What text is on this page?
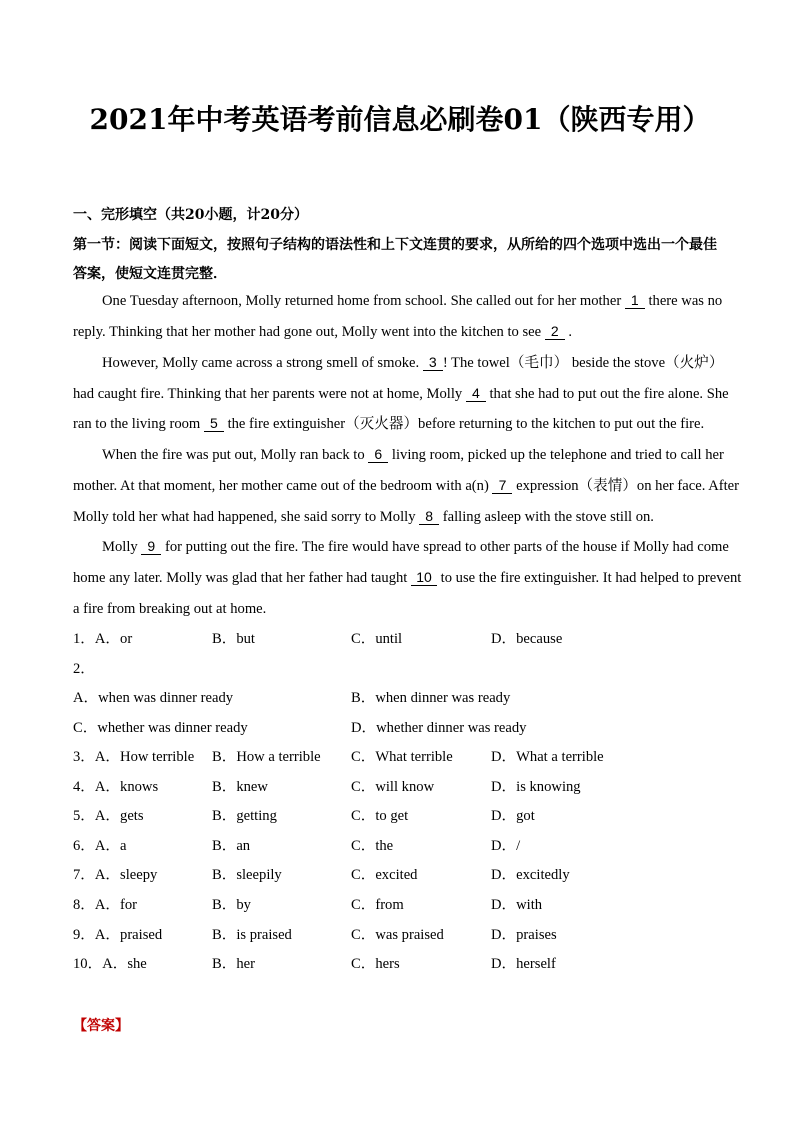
2021年中考英语考前信息必刷卷01（陕西专用）
一、完形填空（共20小题，计20分）
第一节：阅读下面短文，按照句子结构的语法性和上下文连贯的要求，从所给的四个选项中选出一个最佳
答案，使短文连贯完整．
One Tuesday afternoon, Molly returned home from school. She called out for her mother 1 there was no
reply. Thinking that her mother had gone out, Molly went into the kitchen to see 2 .
However, Molly came across a strong smell of smoke. 3 ! The towel（毛巾） beside the stove（火炉）
had caught fire. Thinking that her parents were not at home, Molly 4 that she had to put out the fire alone. She
ran to the living room 5 the fire extinguisher（灭火器）before returning to the kitchen to put out the fire.
When the fire was put out, Molly ran back to 6 living room, picked up the telephone and tried to call her
mother. At that moment, her mother came out of the bedroom with a(n) 7 expression（表情）on her face. After
Molly told her what had happened, she said sorry to Molly 8 falling asleep with the stove still on.
Molly 9 for putting out the fire. The fire would have spread to other parts of the house if Molly had come
home any later. Molly was glad that her father had taught 10 to use the fire extinguisher. It had helped to prevent
a fire from breaking out at home.
1．A．or	B．but	C．until	D．because
2．
A．when was dinner ready	B．when dinner was ready
C．whether was dinner ready	D．whether dinner was ready
3．A．How terrible B．How a terrible C．What terrible	D．What a terrible
4．A．knows	B．knew	C．will know	D．is knowing
5．A．gets	B．getting	C．to get	D．got
6．A．a	B．an	C．the	D．/
7．A．sleepy	B．sleepily	C．excited	D．excitedly
8．A．for	B．by	C．from	D．with
9．A．praised	B．is praised	C．was praised	D．praises
10．A．she	B．her	C．hers	D．herself
【答案】
